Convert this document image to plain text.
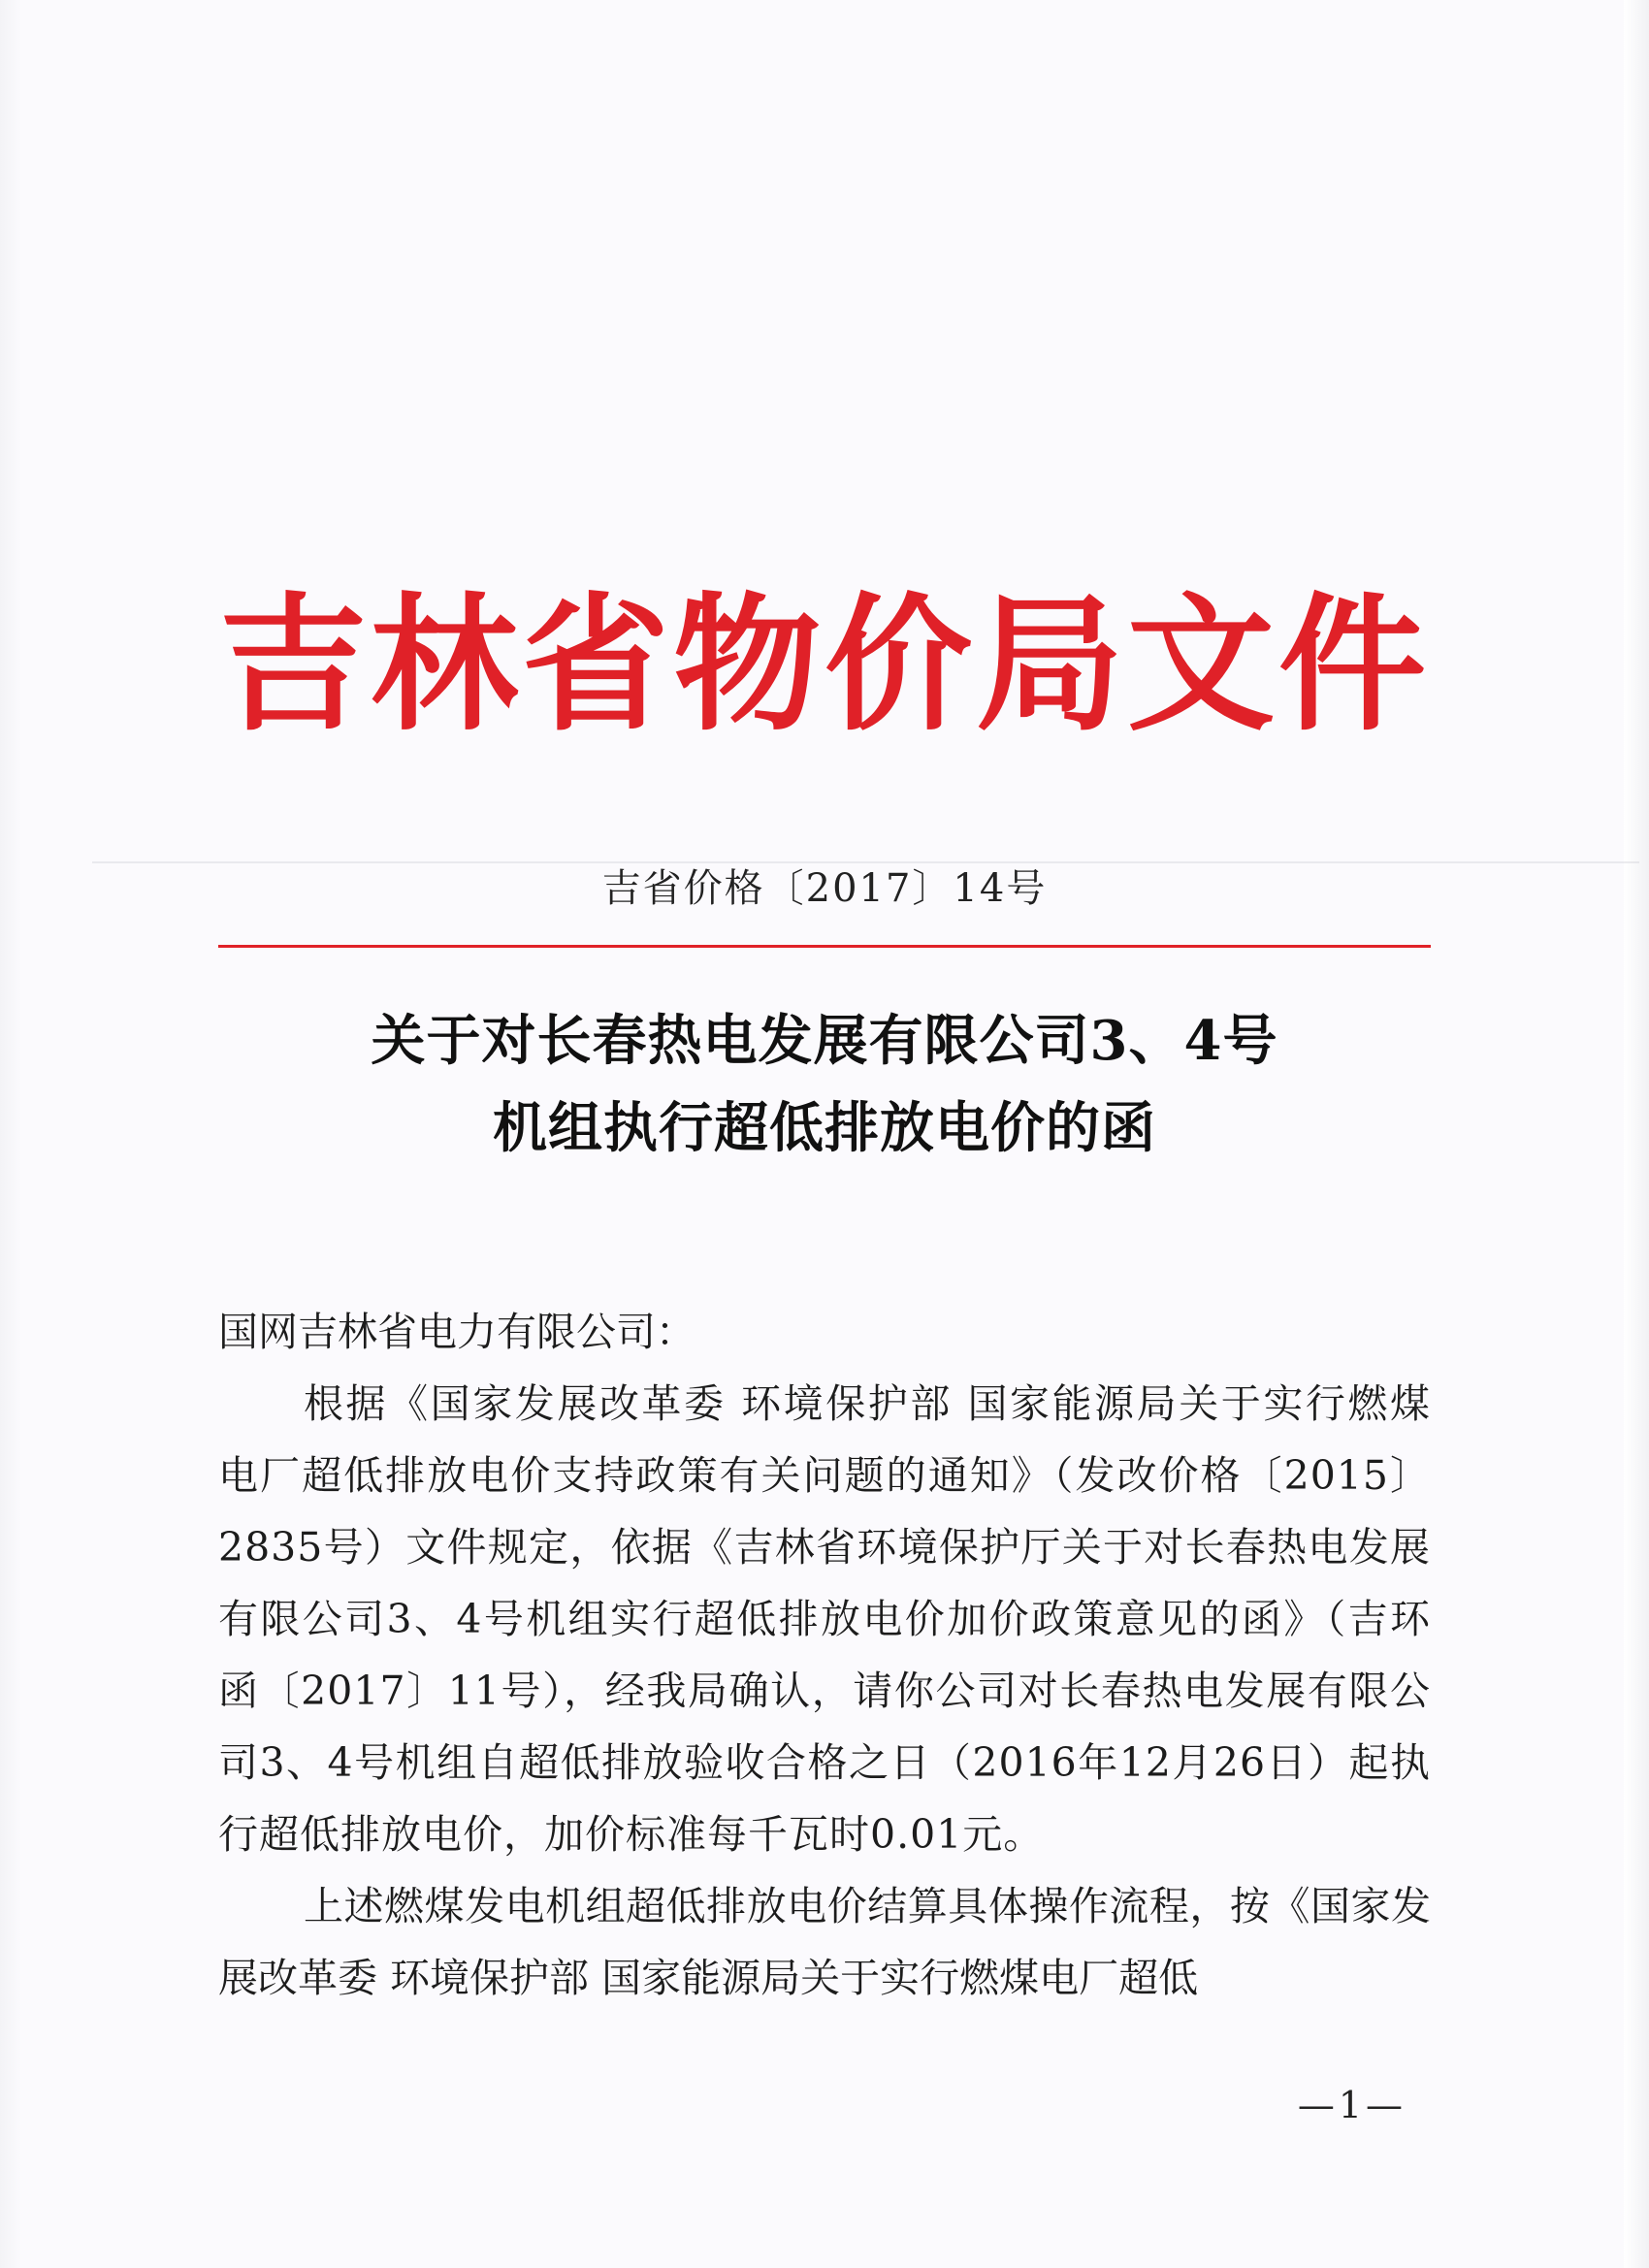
吉林省物价局文件
吉省价格〔2017〕14号
关于对长春热电发展有限公司3、4号
机组执行超低排放电价的函

国网吉林省电力有限公司：

根据《国家发展改革委 环境保护部 国家能源局关于实行燃煤电厂超低排放电价支持政策有关问题的通知》（发改价格〔2015〕2835号）文件规定，依据《吉林省环境保护厅关于对长春热电发展有限公司3、4号机组实行超低排放电价加价政策意见的函》（吉环函〔2017〕11号），经我局确认，请你公司对长春热电发展有限公司3、4号机组自超低排放验收合格之日（2016年12月26日）起执行超低排放电价，加价标准每千瓦时0.01元。

上述燃煤发电机组超低排放电价结算具体操作流程，按《国家发展改革委 环境保护部 国家能源局关于实行燃煤电厂超低

—1—
